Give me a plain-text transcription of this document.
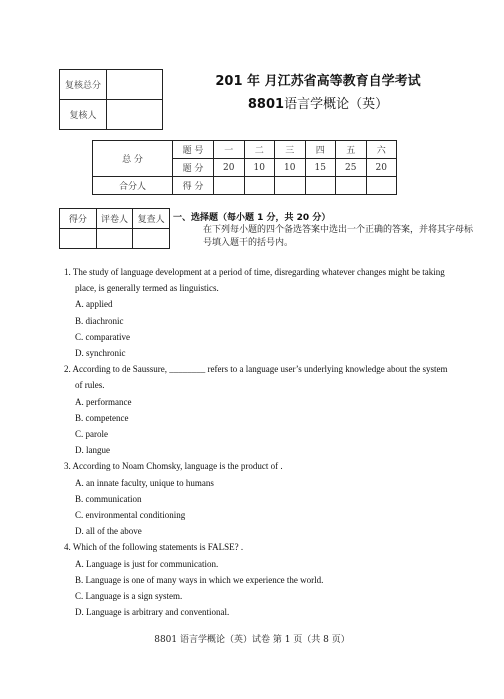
复核总分	
复核人	
201 年 月江苏省高等教育自学考试
8801语言学概论（英）
总 分	题 号	一	二	三	四	五	六
	题 分	20	10	10	15	25	20
合分人	得 分						
得分	评卷人	复查人
		一、选择题（每小题 1 分，共 20 分）
在下列每小题的四个备选答案中选出一个正确的答案，并将其字母标号填入题干的括号内。
1. The study of language development at a period of time, disregarding whatever changes might be taking place, is generally termed as linguistics.
A. applied
B. diachronic
C. comparative
D. synchronic
2. According to de Saussure, ________ refers to a language user’s underlying knowledge about the system of rules.
A. performance
B. competence
C. parole
D. langue
3. According to Noam Chomsky, language is the product of .
A. an innate faculty, unique to humans
B. communication
C. environmental conditioning
D. all of the above
4. Which of the following statements is FALSE? .
A. Language is just for communication.
B. Language is one of many ways in which we experience the world.
C. Language is a sign system.
D. Language is arbitrary and conventional.
8801 语言学概论（英）试卷 第 1 页（共 8 页）
